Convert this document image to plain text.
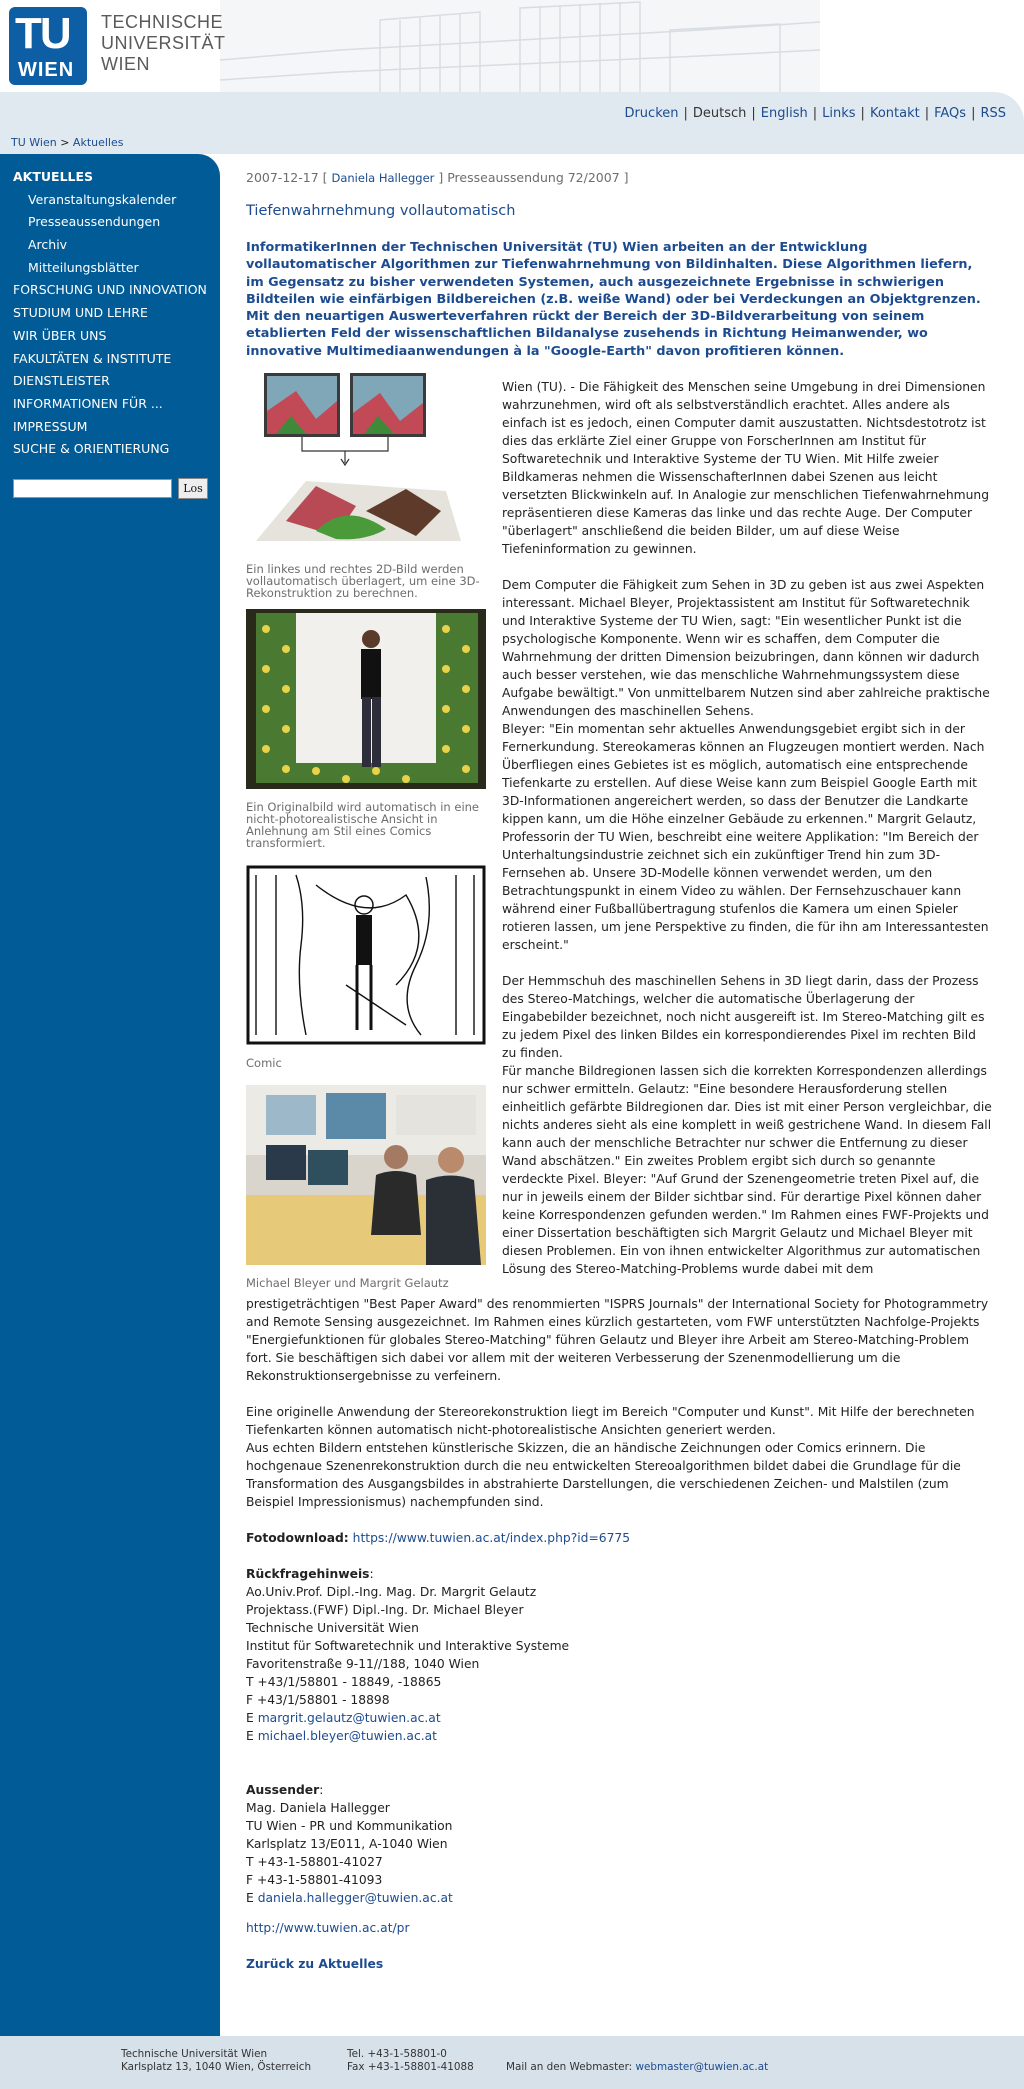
TU
WIEN
TECHNISCHE
UNIVERSITÄT
WIEN
Drucken | Deutsch | English | Links | Kontakt | FAQs | RSS
TU Wien > Aktuelles
AKTUELLES
Veranstaltungskalender
Presseaussendungen
Archiv
Mitteilungsblätter
FORSCHUNG UND INNOVATION
STUDIUM UND LEHRE
WIR ÜBER UNS
FAKULTÄTEN & INSTITUTE
DIENSTLEISTER
INFORMATIONEN FÜR ...
IMPRESSUM
SUCHE & ORIENTIERUNG
Los
2007-12-17 [ Daniela Hallegger ] Presseaussendung 72/2007 ]
Tiefenwahrnehmung vollautomatisch
InformatikerInnen der Technischen Universität (TU) Wien arbeiten an der Entwicklung vollautomatischer Algorithmen zur Tiefenwahrnehmung von Bildinhalten. Diese Algorithmen liefern, im Gegensatz zu bisher verwendeten Systemen, auch ausgezeichnete Ergebnisse in schwierigen Bildteilen wie einfärbigen Bildbereichen (z.B. weiße Wand) oder bei Verdeckungen an Objektgrenzen. Mit den neuartigen Auswerteverfahren rückt der Bereich der 3D-Bildverarbeitung von seinem etablierten Feld der wissenschaftlichen Bildanalyse zusehends in Richtung Heimanwender, wo innovative Multimediaanwendungen à la "Google-Earth" davon profitieren können.
Ein linkes und rechtes 2D-Bild werden vollautomatisch überlagert, um eine 3D-Rekonstruktion zu berechnen.
Ein Originalbild wird automatisch in eine nicht-photorealistische Ansicht in Anlehnung am Stil eines Comics transformiert.
Comic
Michael Bleyer und Margrit Gelautz

Wien (TU). - Die Fähigkeit des Menschen seine Umgebung in drei Dimensionen wahrzunehmen, wird oft als selbstverständlich erachtet. Alles andere als einfach ist es jedoch, einen Computer damit auszustatten. Nichtsdestotrotz ist dies das erklärte Ziel einer Gruppe von ForscherInnen am Institut für Softwaretechnik und Interaktive Systeme der TU Wien. Mit Hilfe zweier Bildkameras nehmen die WissenschafterInnen dabei Szenen aus leicht versetzten Blickwinkeln auf. In Analogie zur menschlichen Tiefenwahrnehmung repräsentieren diese Kameras das linke und das rechte Auge. Der Computer "überlagert" anschließend die beiden Bilder, um auf diese Weise Tiefeninformation zu gewinnen.

Dem Computer die Fähigkeit zum Sehen in 3D zu geben ist aus zwei Aspekten interessant. Michael Bleyer, Projektassistent am Institut für Softwaretechnik und Interaktive Systeme der TU Wien, sagt: "Ein wesentlicher Punkt ist die psychologische Komponente. Wenn wir es schaffen, dem Computer die Wahrnehmung der dritten Dimension beizubringen, dann können wir dadurch auch besser verstehen, wie das menschliche Wahrnehmungssystem diese Aufgabe bewältigt." Von unmittelbarem Nutzen sind aber zahlreiche praktische Anwendungen des maschinellen Sehens.

Bleyer: "Ein momentan sehr aktuelles Anwendungsgebiet ergibt sich in der Fernerkundung. Stereokameras können an Flugzeugen montiert werden. Nach Überfliegen eines Gebietes ist es möglich, automatisch eine entsprechende Tiefenkarte zu erstellen. Auf diese Weise kann zum Beispiel Google Earth mit 3D-Informationen angereichert werden, so dass der Benutzer die Landkarte kippen kann, um die Höhe einzelner Gebäude zu erkennen." Margrit Gelautz, Professorin der TU Wien, beschreibt eine weitere Applikation: "Im Bereich der Unterhaltungsindustrie zeichnet sich ein zukünftiger Trend hin zum 3D-Fernsehen ab. Unsere 3D-Modelle können verwendet werden, um den Betrachtungspunkt in einem Video zu wählen. Der Fernsehzuschauer kann während einer Fußballübertragung stufenlos die Kamera um einen Spieler rotieren lassen, um jene Perspektive zu finden, die für ihn am Interessantesten erscheint."

Der Hemmschuh des maschinellen Sehens in 3D liegt darin, dass der Prozess des Stereo-Matchings, welcher die automatische Überlagerung der Eingabebilder bezeichnet, noch nicht ausgereift ist. Im Stereo-Matching gilt es zu jedem Pixel des linken Bildes ein korrespondierendes Pixel im rechten Bild zu finden.

Für manche Bildregionen lassen sich die korrekten Korrespondenzen allerdings nur schwer ermitteln. Gelautz: "Eine besondere Herausforderung stellen einheitlich gefärbte Bildregionen dar. Dies ist mit einer Person vergleichbar, die nichts anderes sieht als eine komplett in weiß gestrichene Wand. In diesem Fall kann auch der menschliche Betrachter nur schwer die Entfernung zu dieser Wand abschätzen." Ein zweites Problem ergibt sich durch so genannte verdeckte Pixel. Bleyer: "Auf Grund der Szenengeometrie treten Pixel auf, die nur in jeweils einem der Bilder sichtbar sind. Für derartige Pixel können daher keine Korrespondenzen gefunden werden." Im Rahmen eines FWF-Projekts und einer Dissertation beschäftigten sich Margrit Gelautz und Michael Bleyer mit diesen Problemen. Ein von ihnen entwickelter Algorithmus zur automatischen Lösung des Stereo-Matching-Problems wurde dabei mit dem

prestigeträchtigen "Best Paper Award" des renommierten "ISPRS Journals" der International Society for Photogrammetry and Remote Sensing ausgezeichnet. Im Rahmen eines kürzlich gestarteten, vom FWF unterstützten Nachfolge-Projekts "Energiefunktionen für globales Stereo-Matching" führen Gelautz und Bleyer ihre Arbeit am Stereo-Matching-Problem fort. Sie beschäftigen sich dabei vor allem mit der weiteren Verbesserung der Szenenmodellierung um die Rekonstruktionsergebnisse zu verfeinern.

Eine originelle Anwendung der Stereorekonstruktion liegt im Bereich "Computer und Kunst". Mit Hilfe der berechneten Tiefenkarten können automatisch nicht-photorealistische Ansichten generiert werden.

Aus echten Bildern entstehen künstlerische Skizzen, die an händische Zeichnungen oder Comics erinnern. Die hochgenaue Szenenrekonstruktion durch die neu entwickelten Stereoalgorithmen bildet dabei die Grundlage für die Transformation des Ausgangsbildes in abstrahierte Darstellungen, die verschiedenen Zeichen- und Malstilen (zum Beispiel Impressionismus) nachempfunden sind.

Fotodownload: https://www.tuwien.ac.at/index.php?id=6775

Rückfragehinweis:
Ao.Univ.Prof. Dipl.-Ing. Mag. Dr. Margrit Gelautz
Projektass.(FWF) Dipl.-Ing. Dr. Michael Bleyer
Technische Universität Wien
Institut für Softwaretechnik und Interaktive Systeme
Favoritenstraße 9-11//188, 1040 Wien
T +43/1/58801 - 18849, -18865
F +43/1/58801 - 18898
E margrit.gelautz@tuwien.ac.at
E michael.bleyer@tuwien.ac.at
Aussender:
Mag. Daniela Hallegger
TU Wien - PR und Kommunikation
Karlsplatz 13/E011, A-1040 Wien
T +43-1-58801-41027
F +43-1-58801-41093
E daniela.hallegger@tuwien.ac.at

http://www.tuwien.ac.at/pr

Zurück zu Aktuelles

Technische Universität Wien
Karlsplatz 13, 1040 Wien, Österreich
Tel. +43-1-58801-0
Fax +43-1-58801-41088	Mail an den Webmaster: webmaster@tuwien.ac.at
